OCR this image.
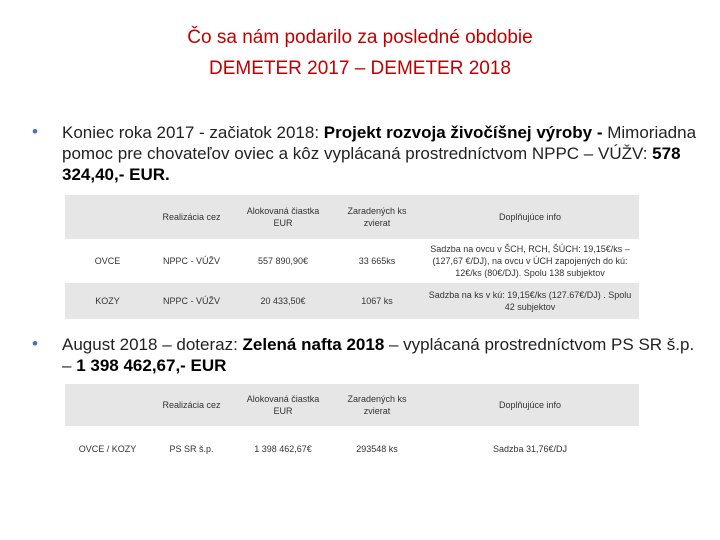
Čo sa nám podarilo za posledné obdobie
DEMETER 2017 – DEMETER 2018
• Koniec roka 2017 - začiatok 2018: Projekt rozvoja živočíšnej výroby - Mimoriadna pomoc pre chovateľov oviec a kôz vyplácaná prostredníctvom NPPC – VÚŽV: 578 324,40,- EUR.
	Realizácia cez	Alokovaná čiastka EUR	Zaradených ks zvierat	Doplňujúce info
OVCE	NPPC - VÚŽV	557 890,90€	33 665ks	Sadzba na ovcu v ŠCH, RCH, ŠÚCH: 19,15€/ks – (127,67 €/DJ), na ovcu v ÚCH zapojených do kú: 12€/ks (80€/DJ). Spolu 138 subjektov
KOZY	NPPC - VÚŽV	20 433,50€	1067 ks	Sadzba na ks v kú: 19,15€/ks (127.67€/DJ) . Spolu 42 subjektov
• August 2018 – doteraz: Zelená nafta 2018 – vyplácaná prostredníctvom PS SR š.p. – 1 398 462,67,- EUR
	Realizácia cez	Alokovaná čiastka EUR	Zaradených ks zvierat	Doplňujúce info
OVCE / KOZY	PS SR š.p.	1 398 462,67€	293548 ks	Sadzba 31,76€/DJ
